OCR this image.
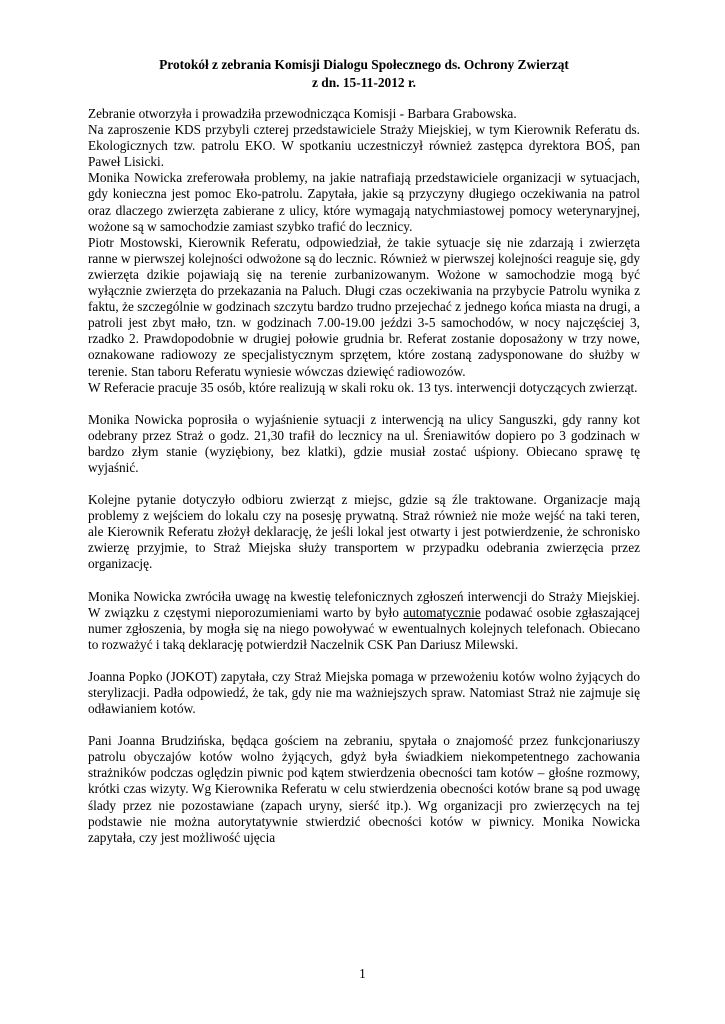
Protokół z zebrania Komisji Dialogu Społecznego ds. Ochrony Zwierząt

z dn. 15-11-2012 r.

Zebranie otworzyła i prowadziła przewodnicząca Komisji - Barbara Grabowska.

Na zaproszenie KDS przybyli czterej przedstawiciele Straży Miejskiej, w tym Kierownik Referatu ds. Ekologicznych tzw. patrolu EKO. W spotkaniu uczestniczył również zastępca dyrektora BOŚ, pan Paweł Lisicki.

Monika Nowicka zreferowała problemy, na jakie natrafiają przedstawiciele organizacji w sytuacjach, gdy konieczna jest pomoc Eko-patrolu. Zapytała, jakie są przyczyny długiego oczekiwania na patrol oraz dlaczego zwierzęta zabierane z ulicy, które wymagają natychmiastowej pomocy weterynaryjnej, wożone są w samochodzie zamiast szybko trafić do lecznicy.

Piotr Mostowski, Kierownik Referatu, odpowiedział, że takie sytuacje się nie zdarzają i zwierzęta ranne w pierwszej kolejności odwożone są do lecznic. Również w pierwszej kolejności reaguje się, gdy zwierzęta dzikie pojawiają się na terenie zurbanizowanym. Wożone w samochodzie mogą być wyłącznie zwierzęta do przekazania na Paluch. Długi czas oczekiwania na przybycie Patrolu wynika z faktu, że szczególnie w godzinach szczytu bardzo trudno przejechać z jednego końca miasta na drugi, a patroli jest zbyt mało, tzn. w godzinach 7.00-19.00 jeździ 3-5 samochodów, w nocy najczęściej 3, rzadko 2. Prawdopodobnie w drugiej połowie grudnia br. Referat zostanie doposażony w trzy nowe, oznakowane radiowozy ze specjalistycznym sprzętem, które zostaną zadysponowane do służby w terenie. Stan taboru Referatu wyniesie wówczas dziewięć radiowozów.

W Referacie pracuje 35 osób, które realizują w skali roku ok. 13 tys. interwencji dotyczących zwierząt.

Monika Nowicka poprosiła o wyjaśnienie sytuacji z interwencją na ulicy Sanguszki, gdy ranny kot odebrany przez Straż o godz. 21,30 trafił do lecznicy na ul. Śreniawitów dopiero po 3 godzinach w bardzo złym stanie (wyziębiony, bez klatki), gdzie musiał zostać uśpiony. Obiecano sprawę tę wyjaśnić.

Kolejne pytanie dotyczyło odbioru zwierząt z miejsc, gdzie są źle traktowane. Organizacje mają problemy z wejściem do lokalu czy na posesję prywatną. Straż również nie może wejść na taki teren, ale Kierownik Referatu złożył deklarację, że jeśli lokal jest otwarty i jest potwierdzenie, że schronisko zwierzę przyjmie, to Straż Miejska służy transportem w przypadku odebrania zwierzęcia przez organizację.

Monika Nowicka zwróciła uwagę na kwestię telefonicznych zgłoszeń interwencji do Straży Miejskiej. W związku z częstymi nieporozumieniami warto by było automatycznie podawać osobie zgłaszającej numer zgłoszenia, by mogła się na niego powoływać w ewentualnych kolejnych telefonach. Obiecano to rozważyć i taką deklarację potwierdził Naczelnik CSK Pan Dariusz Milewski.

Joanna Popko (JOKOT) zapytała, czy Straż Miejska pomaga w przewożeniu kotów wolno żyjących do sterylizacji. Padła odpowiedź, że tak, gdy nie ma ważniejszych spraw. Natomiast Straż nie zajmuje się odławianiem kotów.

Pani Joanna Brudzińska, będąca gościem na zebraniu, spytała o znajomość przez funkcjonariuszy patrolu obyczajów kotów wolno żyjących, gdyż była świadkiem niekompetentnego zachowania strażników podczas oględzin piwnic pod kątem stwierdzenia obecności tam kotów – głośne rozmowy, krótki czas wizyty. Wg Kierownika Referatu w celu stwierdzenia obecności kotów brane są pod uwagę ślady przez nie pozostawiane (zapach uryny, sierść itp.). Wg organizacji pro zwierzęcych na tej podstawie nie można autorytatywnie stwierdzić obecności kotów w piwnicy. Monika Nowicka zapytała, czy jest możliwość ujęcia

1
